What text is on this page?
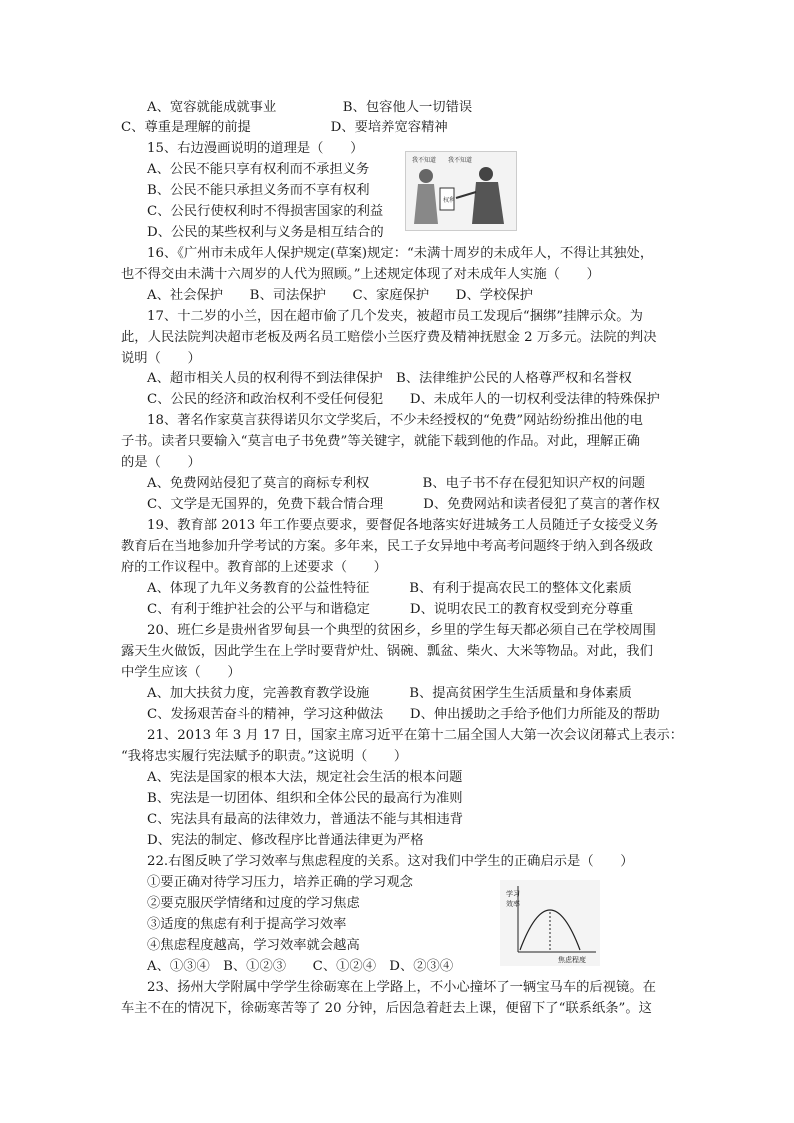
A、宽容就能成就事业　　　　　B、包容他人一切错误
C、尊重是理解的前提　　　　　　D、要培养宽容精神
15、右边漫画说明的道理是（　　）
A、公民不能只享有权利而不承担义务
B、公民不能只承担义务而不享有权利
C、公民行使权利时不得损害国家的利益
D、公民的某些权利与义务是相互结合的
16、《广州市未成年人保护规定(草案)规定：“未满十周岁的未成年人，不得让其独处，
也不得交由未满十六周岁的人代为照顾。”上述规定体现了对未成年人实施（　　）
A、社会保护　　B、司法保护　　C、家庭保护　　D、学校保护
17、十二岁的小兰，因在超市偷了几个发夹，被超市员工发现后“捆绑”挂牌示众。为
此，人民法院判决超市老板及两名员工赔偿小兰医疗费及精神抚慰金 2 万多元。法院的判决
说明（　　）
A、超市相关人员的权利得不到法律保护　B、法律维护公民的人格尊严权和名誉权
C、公民的经济和政治权利不受任何侵犯　　D、未成年人的一切权利受法律的特殊保护
18、著名作家莫言获得诺贝尔文学奖后，不少未经授权的“免费”网站纷纷推出他的电
子书。读者只要输入“莫言电子书免费”等关键字，就能下载到他的作品。对此，理解正确
的是（　　）
A、免费网站侵犯了莫言的商标专利权　　　　B、电子书不存在侵犯知识产权的问题
C、文学是无国界的，免费下载合情合理　　　D、免费网站和读者侵犯了莫言的著作权
19、教育部 2013 年工作要点要求，要督促各地落实好进城务工人员随迁子女接受义务
教育后在当地参加升学考试的方案。多年来，民工子女异地中考高考问题终于纳入到各级政
府的工作议程中。教育部的上述要求（　　）
A、体现了九年义务教育的公益性特征　　　B、有利于提高农民工的整体文化素质
C、有利于维护社会的公平与和谐稳定　　　D、说明农民工的教育权受到充分尊重
20、班仁乡是贵州省罗甸县一个典型的贫困乡，乡里的学生每天都必须自己在学校周围
露天生火做饭，因此学生在上学时要背炉灶、锅碗、瓢盆、柴火、大米等物品。对此，我们
中学生应该（　　）
A、加大扶贫力度，完善教育教学设施　　　B、提高贫困学生生活质量和身体素质
C、发扬艰苦奋斗的精神，学习这种做法　　D、伸出援助之手给予他们力所能及的帮助
21、2013 年 3 月 17 日，国家主席习近平在第十二届全国人大第一次会议闭幕式上表示：
“我将忠实履行宪法赋予的职责。”这说明（　　）
A、宪法是国家的根本大法，规定社会生活的根本问题
B、宪法是一切团体、组织和全体公民的最高行为准则
C、宪法具有最高的法律效力，普通法不能与其相违背
D、宪法的制定、修改程序比普通法律更为严格
22.右图反映了学习效率与焦虑程度的关系。这对我们中学生的正确启示是（　　）
①要正确对待学习压力，培养正确的学习观念
②要克服厌学情绪和过度的学习焦虑
③适度的焦虑有利于提高学习效率
④焦虑程度越高，学习效率就会越高
A、①③④　B、①②③　　C、①②④　D、②③④
23、扬州大学附属中学学生徐砺寒在上学路上，不小心撞坏了一辆宝马车的后视镜。在
车主不在的情况下，徐砺寒苦等了 20 分钟，后因急着赶去上课，便留下了“联系纸条”。这
我不知道 我不知道
权利
学习
效率
焦虑程度
